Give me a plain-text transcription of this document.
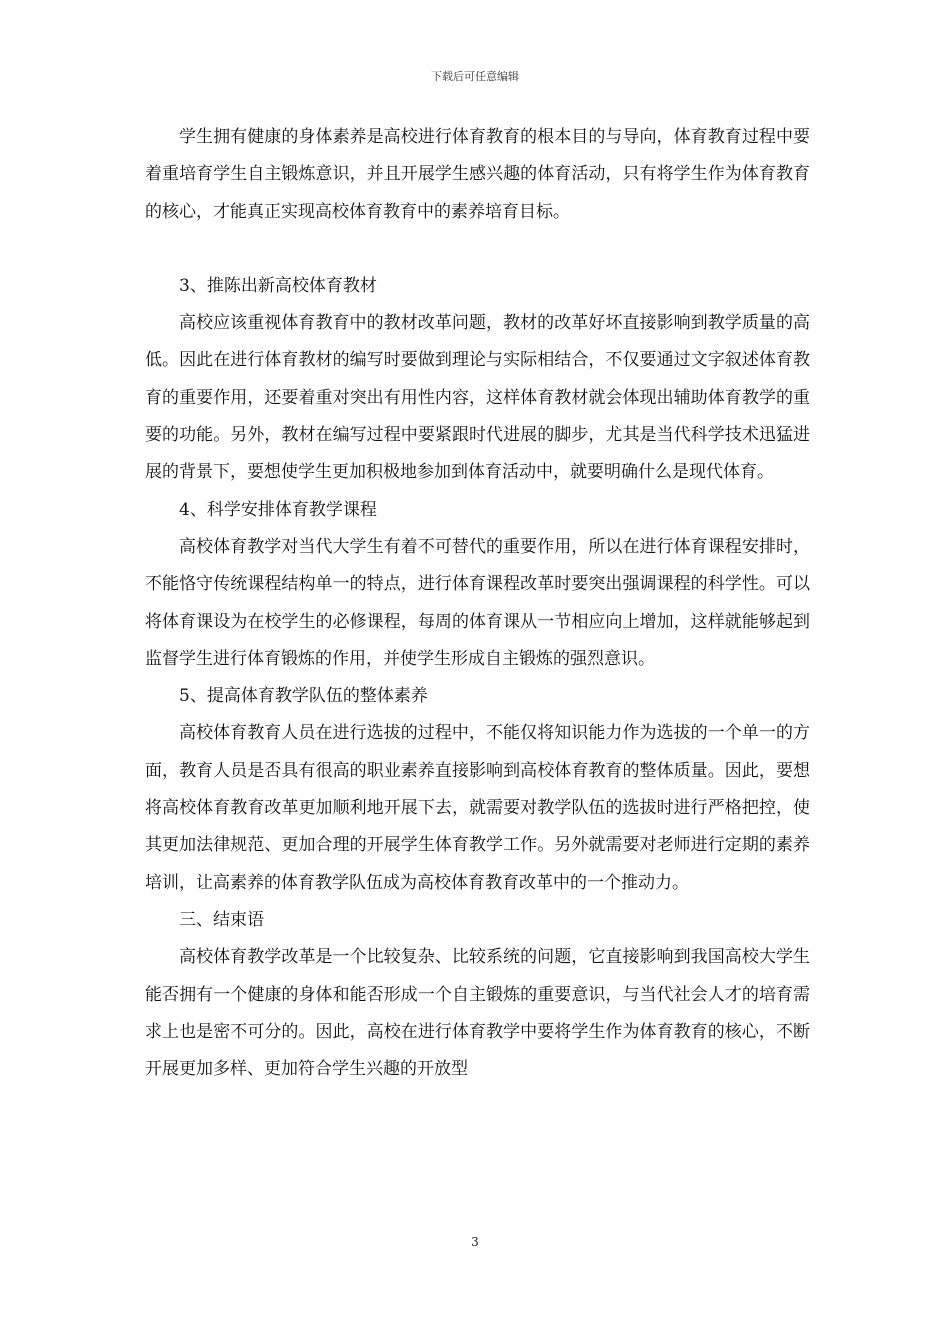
下载后可任意编辑

学生拥有健康的身体素养是高校进行体育教育的根本目的与导向，体育教育过程中要着重培育学生自主锻炼意识，并且开展学生感兴趣的体育活动，只有将学生作为体育教育的核心，才能真正实现高校体育教育中的素养培育目标。

3、推陈出新高校体育教材

高校应该重视体育教育中的教材改革问题，教材的改革好坏直接影响到教学质量的高低。因此在进行体育教材的编写时要做到理论与实际相结合，不仅要通过文字叙述体育教育的重要作用，还要着重对突出有用性内容，这样体育教材就会体现出辅助体育教学的重要的功能。另外，教材在编写过程中要紧跟时代进展的脚步，尤其是当代科学技术迅猛进展的背景下，要想使学生更加积极地参加到体育活动中，就要明确什么是现代体育。

4、科学安排体育教学课程

高校体育教学对当代大学生有着不可替代的重要作用，所以在进行体育课程安排时，不能恪守传统课程结构单一的特点，进行体育课程改革时要突出强调课程的科学性。可以将体育课设为在校学生的必修课程，每周的体育课从一节相应向上增加，这样就能够起到监督学生进行体育锻炼的作用，并使学生形成自主锻炼的强烈意识。

5、提高体育教学队伍的整体素养

高校体育教育人员在进行选拔的过程中，不能仅将知识能力作为选拔的一个单一的方面，教育人员是否具有很高的职业素养直接影响到高校体育教育的整体质量。因此，要想将高校体育教育改革更加顺利地开展下去，就需要对教学队伍的选拔时进行严格把控，使其更加法律规范、更加合理的开展学生体育教学工作。另外就需要对老师进行定期的素养培训，让高素养的体育教学队伍成为高校体育教育改革中的一个推动力。

三、结束语

高校体育教学改革是一个比较复杂、比较系统的问题，它直接影响到我国高校大学生能否拥有一个健康的身体和能否形成一个自主锻炼的重要意识，与当代社会人才的培育需求上也是密不可分的。因此，高校在进行体育教学中要将学生作为体育教育的核心，不断开展更加多样、更加符合学生兴趣的开放型

3
